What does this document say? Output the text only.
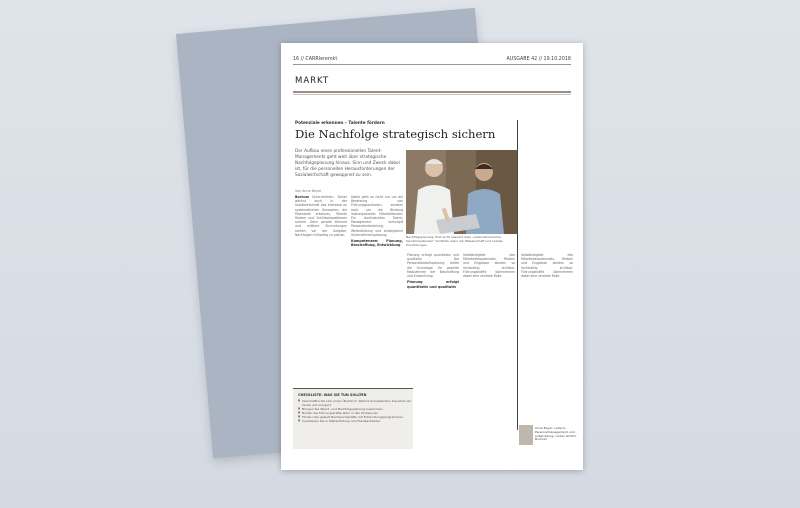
16 // CARRIeremkt	AUSGABE 42 // 19.10.2018
MARKT
Potenziale erkennen – Talente fördern
Die Nachfolge strategisch sichern
Der Aufbau eines professionellen Talent-Managements geht weit über strategische Nachfolgeplanung hinaus. Sinn und Zweck dabei ist, für die personellen Herausforderungen der Sozialwirtschaft gewappnet zu sein.
Von Anne Beyer
Bochum Unternehmen. Daher wächst auch in der Sozialwirtschaft das Interesse an systematischen Konzepten, die Potenziale erkennen, Talente fördern und Schlüsselpositionen sichern. Denn gerade kleinere und mittlere Einrichtungen stehen vor der Aufgabe, Nachfolgen frühzeitig zu planen.
Dabei geht es nicht nur um die Besetzung von Führungspositionen, sondern auch um die Bindung leistungsstarker Mitarbeitender. Ein durchdachtes Talent-Management verknüpft Personalentwicklung, Weiterbildung und strategische Unternehmensplanung.
Kompetenzen: Planung, Beschaffung, Entwicklung
Planung erfolgt quantitativ und qualitativ. Die Personalbedarfsplanung bildet die Grundlage für gezielte Maßnahmen der Beschaffung und Entwicklung.
Planung erfolgt quantitativ und qualitativ
Vollständigkeit des Mitarbeiterpotenzials, Risiken und Engpässe werden so rechtzeitig sichtbar. Führungskräfte übernehmen dabei eine zentrale Rolle.
Nachfolgeplanung: Erst recht relevant dass „unternehmerische Kernkompetenzen" ermitteln wenn die Wissenschaft und soziale Einrichtungen
Vollständigkeit des Mitarbeiterpotenzials, Risiken und Engpässe werden so rechtzeitig sichtbar. Führungskräfte übernehmen dabei eine zentrale Rolle.
CHECKLISTE: WAS SIE TUN SOLLTEN
■ Verschaffen Sie sich einen Überblick: Welche Kompetenzen brauchen wir heute und morgen?
■ Bringen Sie Talent- und Nachfolgeplanung zusammen.
■ Binden Sie Führungskräfte aktiv in den Prozess ein.
■ Fördern Sie gezielt Nachwuchskräfte mit Entwicklungsprogrammen.
■ Investieren Sie in Weiterbildung und Feedbackkultur.
Anne Beyer, Leiterin Personalmanagement und -entwicklung, contec GmbH, Bochum
